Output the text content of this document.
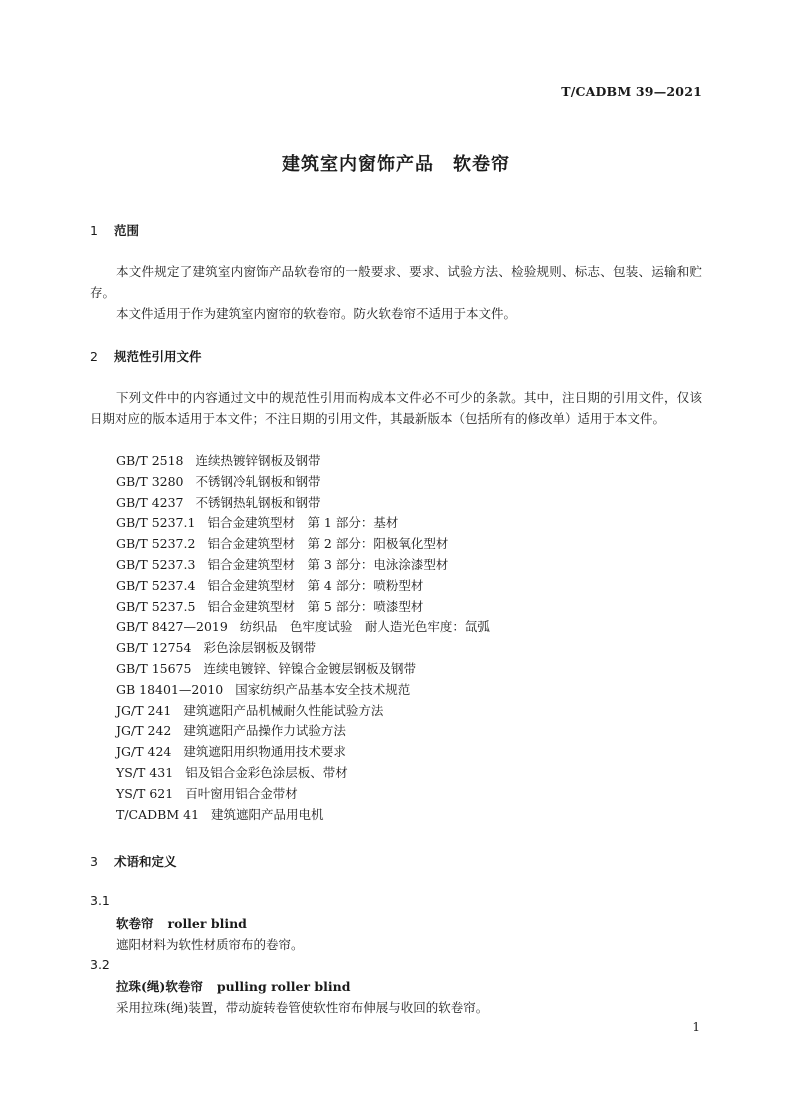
T/CADBM 39—2021
建筑室内窗饰产品　软卷帘
1 范围
本文件规定了建筑室内窗饰产品软卷帘的一般要求、要求、试验方法、检验规则、标志、包装、运输和贮存。
本文件适用于作为建筑室内窗帘的软卷帘。防火软卷帘不适用于本文件。
2 规范性引用文件
下列文件中的内容通过文中的规范性引用而构成本文件必不可少的条款。其中，注日期的引用文件，仅该日期对应的版本适用于本文件；不注日期的引用文件，其最新版本（包括所有的修改单）适用于本文件。
GB/T 2518 连续热镀锌钢板及钢带
GB/T 3280 不锈钢冷轧钢板和钢带
GB/T 4237 不锈钢热轧钢板和钢带
GB/T 5237.1 铝合金建筑型材　第 1 部分：基材
GB/T 5237.2 铝合金建筑型材　第 2 部分：阳极氧化型材
GB/T 5237.3 铝合金建筑型材　第 3 部分：电泳涂漆型材
GB/T 5237.4 铝合金建筑型材　第 4 部分：喷粉型材
GB/T 5237.5 铝合金建筑型材　第 5 部分：喷漆型材
GB/T 8427—2019 纺织品　色牢度试验　耐人造光色牢度：氙弧
GB/T 12754 彩色涂层钢板及钢带
GB/T 15675 连续电镀锌、锌镍合金镀层钢板及钢带
GB 18401—2010 国家纺织产品基本安全技术规范
JG/T 241 建筑遮阳产品机械耐久性能试验方法
JG/T 242 建筑遮阳产品操作力试验方法
JG/T 424 建筑遮阳用织物通用技术要求
YS/T 431 铝及铝合金彩色涂层板、带材
YS/T 621 百叶窗用铝合金带材
T/CADBM 41 建筑遮阳产品用电机
3 术语和定义
3.1
软卷帘 roller blind
遮阳材料为软性材质帘布的卷帘。
3.2
拉珠(绳)软卷帘 pulling roller blind
采用拉珠(绳)装置，带动旋转卷管使软性帘布伸展与收回的软卷帘。
1
